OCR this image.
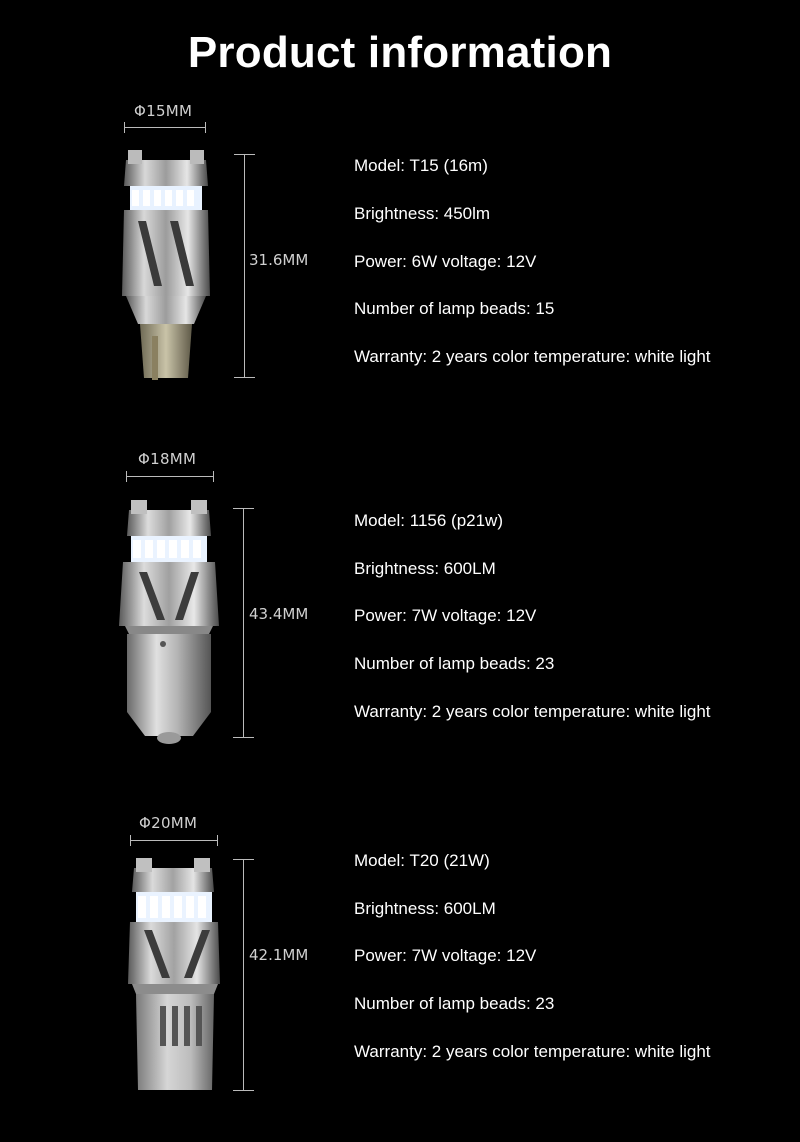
Product information
Φ15MM
31.6MM
Model: T15 (16m)
Brightness: 450lm
Power: 6W voltage: 12V
Number of lamp beads: 15
Warranty: 2 years color temperature: white light
Φ18MM
43.4MM
Model: 1156 (p21w)
Brightness: 600LM
Power: 7W voltage: 12V
Number of lamp beads: 23
Warranty: 2 years color temperature: white light
Φ20MM
42.1MM
Model: T20 (21W)
Brightness: 600LM
Power: 7W voltage: 12V
Number of lamp beads: 23
Warranty: 2 years color temperature: white light
